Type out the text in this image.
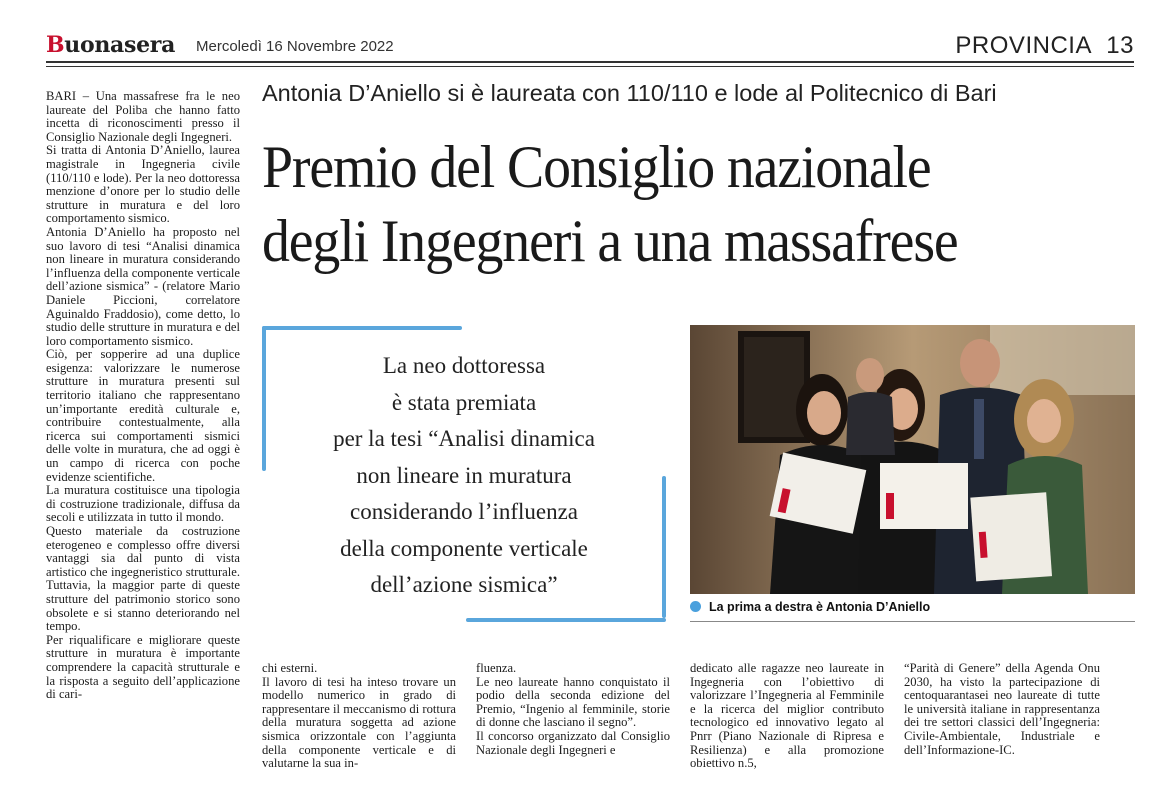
Buonasera Mercoledì 16 Novembre 2022	PROVINCIA 13

BARI – Una massafrese fra le neo laureate del Poliba che hanno fatto incetta di riconoscimenti presso il Consiglio Nazionale degli Ingegneri.

Si tratta di Antonia D’Aniello, laurea magistrale in Ingegneria civile (110/110 e lode). Per la neo dottoressa menzione d’onore per lo studio delle strutture in muratura e del loro comportamento sismico.

Antonia D’Aniello ha proposto nel suo lavoro di tesi “Analisi dinamica non lineare in muratura considerando l’influenza della componente verticale dell’azione sismica” - (relatore Mario Daniele Piccioni, correlatore Aguinaldo Fraddosio), come detto, lo studio delle strutture in muratura e del loro comportamento sismico.

Ciò, per sopperire ad una duplice esigenza: valorizzare le numerose strutture in muratura presenti sul territorio italiano che rappresentano un’importante eredità culturale e, contribuire contestualmente, alla ricerca sui comportamenti sismici delle volte in muratura, che ad oggi è un campo di ricerca con poche evidenze scientifiche.

La muratura costituisce una tipologia di costruzione tradizionale, diffusa da secoli e utilizzata in tutto il mondo.

Questo materiale da costruzione eterogeneo e complesso offre diversi vantaggi sia dal punto di vista artistico che ingegneristico strutturale. Tuttavia, la maggior parte di queste strutture del patrimonio storico sono obsolete e si stanno deteriorando nel tempo.

Per riqualificare e migliorare queste strutture in muratura è importante comprendere la capacità strutturale e la risposta a seguito dell’applicazione di cari-

Antonia D’Aniello si è laureata con 110/110 e lode al Politecnico di Bari
Premio del Consiglio nazionale
degli Ingegneri a una massafrese
La neo dottoressa
è stata premiata
per la tesi “Analisi dinamica
non lineare in muratura
considerando l’influenza
della componente verticale
dell’azione sismica”
La prima a destra è Antonia D’Aniello

chi esterni.
Il lavoro di tesi ha inteso trovare un modello numerico in grado di rappresentare il meccanismo di rottura della muratura soggetta ad azione sismica orizzontale con l’aggiunta della componente verticale e di valutarne la sua in-

fluenza.
Le neo laureate hanno conquistato il podio della seconda edizione del Premio, “Ingenio al femminile, storie di donne che lasciano il segno”.
Il concorso organizzato dal Consiglio Nazionale degli Ingegneri e

dedicato alle ragazze neo laureate in Ingegneria con l’obiettivo di valorizzare l’Ingegneria al Femminile e la ricerca del miglior contributo tecnologico ed innovativo legato al Pnrr (Piano Nazionale di Ripresa e Resilienza) e alla promozione obiettivo n.5,

“Parità di Genere” della Agenda Onu 2030, ha visto la partecipazione di centoquarantasei neo laureate di tutte le università italiane in rappresentanza dei tre settori classici dell’Ingegneria: Civile-Ambientale, Industriale e dell’Informazione-IC.
